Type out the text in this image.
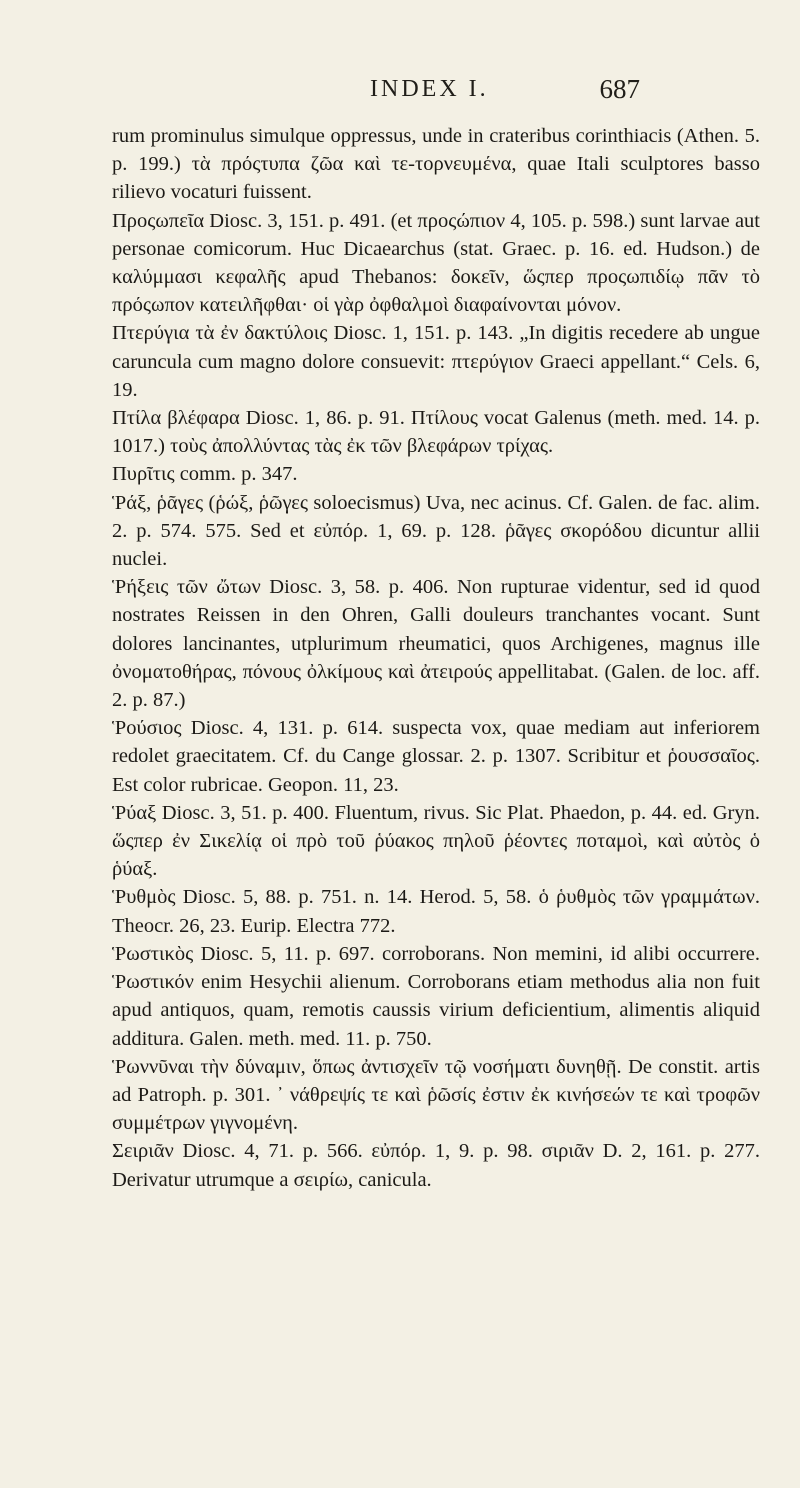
INDEX I.	687

rum prominulus simulque oppressus, unde in crateribus corinthiacis (Athen. 5. p. 199.) τὰ πρόςτυπα ζῶα καὶ τε-τορνευμένα, quae Itali sculptores basso rilievo vocaturi fuissent.

Προςωπεῖα Diosc. 3, 151. p. 491. (et προςώπιον 4, 105. p. 598.) sunt larvae aut personae comicorum. Huc Dicaearchus (stat. Graec. p. 16. ed. Hudson.) de καλύμμασι κεφαλῆς apud Thebanos: δοκεῖν, ὥςπερ προςωπιδίῳ πᾶν τὸ πρόςωπον κατειλῆφθαι· οἱ γὰρ ὀφθαλμοὶ διαφαίνονται μόνον.

Πτερύγια τὰ ἐν δακτύλοις Diosc. 1, 151. p. 143. „In digitis recedere ab ungue caruncula cum magno dolore consuevit: πτερύγιον Graeci appellant.“ Cels. 6, 19.

Πτίλα βλέφαρα Diosc. 1, 86. p. 91. Πτίλους vocat Galenus (meth. med. 14. p. 1017.) τοὺς ἀπολλύντας τὰς ἐκ τῶν βλεφάρων τρίχας.

Πυρῖτις comm. p. 347.

Ῥάξ, ῥᾶγες (ῥώξ, ῥῶγες soloecismus) Uva, nec acinus. Cf. Galen. de fac. alim. 2. p. 574. 575. Sed et εὐπόρ. 1, 69. p. 128. ῥᾶγες σκορόδου dicuntur allii nuclei.

Ῥήξεις τῶν ὤτων Diosc. 3, 58. p. 406. Non rupturae videntur, sed id quod nostrates Reissen in den Ohren, Galli douleurs tranchantes vocant. Sunt dolores lancinantes, utplurimum rheumatici, quos Archigenes, magnus ille ὀνοματοθήρας, πόνους ὀλκίμους καὶ ἀτειρούς appellitabat. (Galen. de loc. aff. 2. p. 87.)

Ῥούσιος Diosc. 4, 131. p. 614. suspecta vox, quae mediam aut inferiorem redolet graecitatem. Cf. du Cange glossar. 2. p. 1307. Scribitur et ῥουσσαῖος. Est color rubricae. Geopon. 11, 23.

Ῥύαξ Diosc. 3, 51. p. 400. Fluentum, rivus. Sic Plat. Phaedon, p. 44. ed. Gryn. ὥςπερ ἐν Σικελίᾳ οἱ πρὸ τοῦ ῥύακος πηλοῦ ῥέοντες ποταμοὶ, καὶ αὐτὸς ὁ ῥύαξ.

Ῥυθμὸς Diosc. 5, 88. p. 751. n. 14. Herod. 5, 58. ὁ ῥυθμὸς τῶν γραμμάτων. Theocr. 26, 23. Eurip. Electra 772.

Ῥωστικὸς Diosc. 5, 11. p. 697. corroborans. Non memini, id alibi occurrere. Ῥωστικόν enim Hesychii alienum. Corroborans etiam methodus alia non fuit apud antiquos, quam, remotis caussis virium deficientium, alimentis aliquid additura. Galen. meth. med. 11. p. 750.

Ῥωννῦναι τὴν δύναμιν, ὅπως ἀντισχεῖν τῷ νοσήματι δυνηθῇ. De constit. artis ad Patroph. p. 301. ᾽ νάθρεψίς τε καὶ ῥῶσίς ἐστιν ἐκ κινήσεών τε καὶ τροφῶν συμμέτρων γιγνομένη.

Σειριᾶν Diosc. 4, 71. p. 566. εὐπόρ. 1, 9. p. 98. σιριᾶν D. 2, 161. p. 277. Derivatur utrumque a σειρίω, canicula.
